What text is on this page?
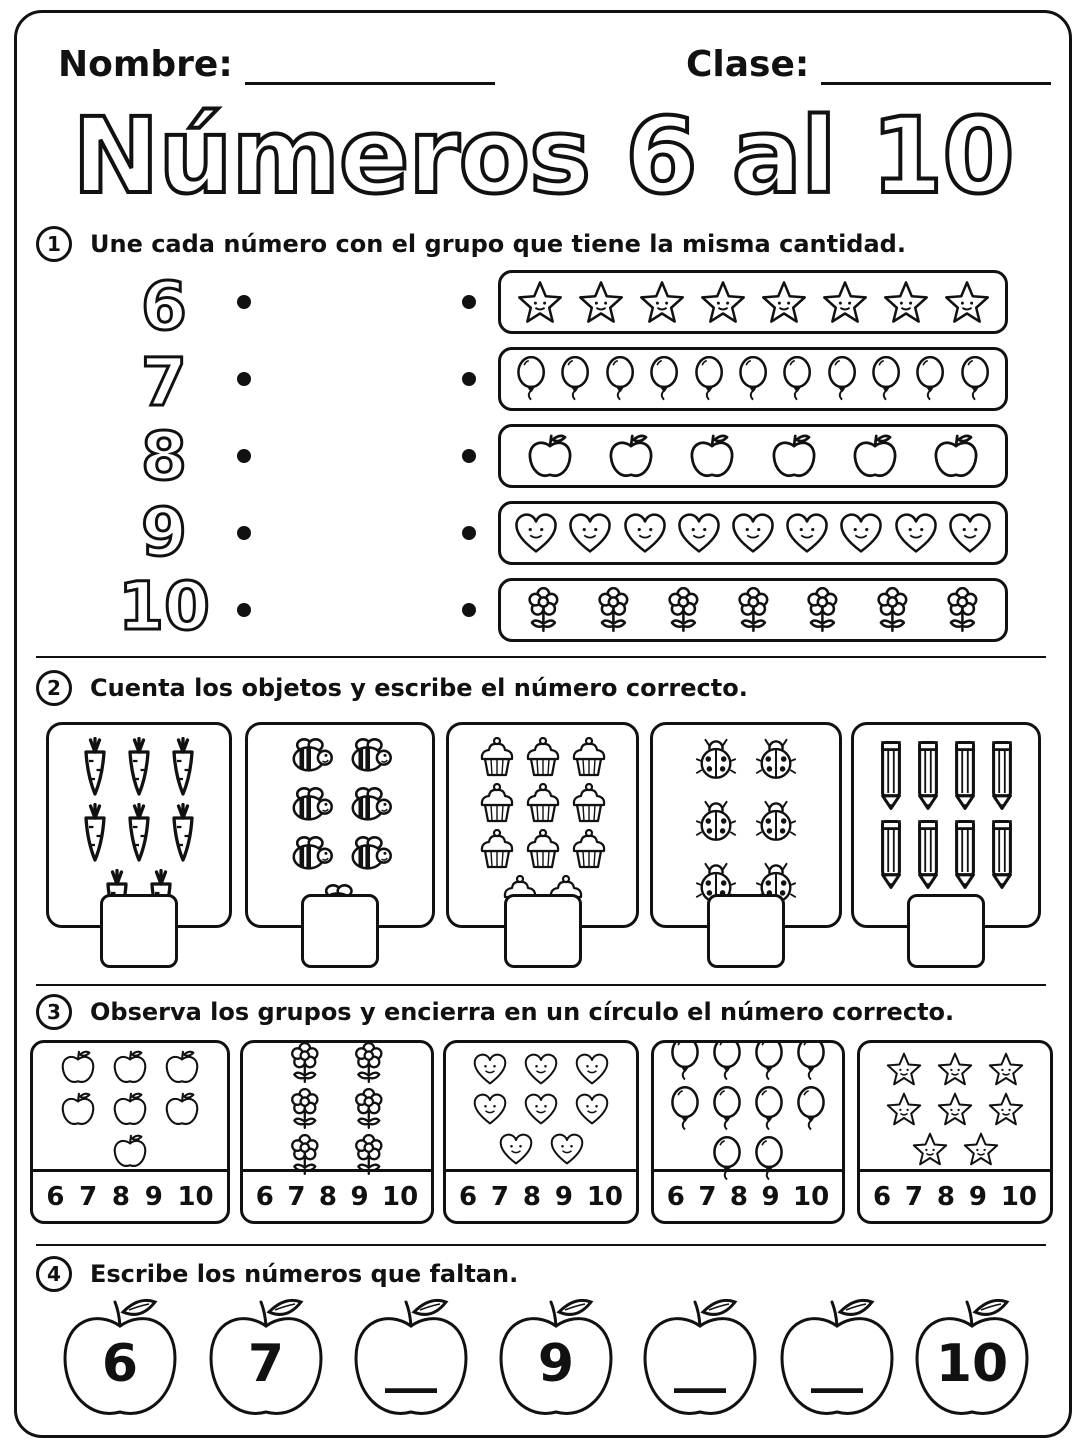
Nombre:	Clase:
Números 6 al 10
1	Une cada número con el grupo que tiene la misma cantidad.
6
7
8
9
10
2	Cuenta los objetos y escribe el número correcto.
3	Observa los grupos y encierra en un círculo el número correcto.
6 7 8 9 10 6 7 8 9 10 6 7 8 9 10 6 7 8 9 10 6 7 8 9 10
4	Escribe los números que faltan.
6	7	__	9	__	__	10
